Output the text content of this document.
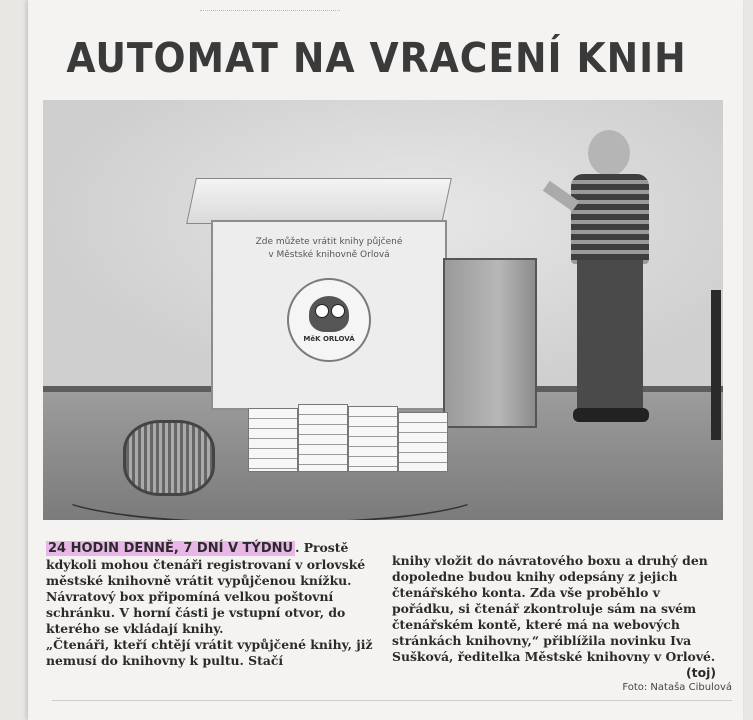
AUTOMAT NA VRACENÍ KNIH
Zde můžete vrátit knihy půjčené
v Městské knihovně Orlová
MěK ORLOVÁ
24 HODIN DENNĚ, 7 DNÍ V TÝDNU . Prostě kdykoli mohou čtenáři registrovaní v orlovské městské knihovně vrátit vypůjčenou knížku. Návratový box připomíná velkou poštovní schránku. V horní části je vstupní otvor, do kterého se vkládají knihy.
„Čtenáři, kteří chtějí vrátit vypůjčené knihy, již nemusí do knihovny k pultu. Stačí
knihy vložit do návratového boxu a druhý den dopoledne budou knihy odepsány z jejich čtenářského konta. Zda vše proběhlo v pořádku, si čtenář zkontroluje sám na svém čtenářském kontě, které má na webových stránkách knihovny,“ přiblížila novinku Iva Sušková, ředitelka Městské knihovny v Orlové.
(toj)
Foto: Nataša Cibulová
